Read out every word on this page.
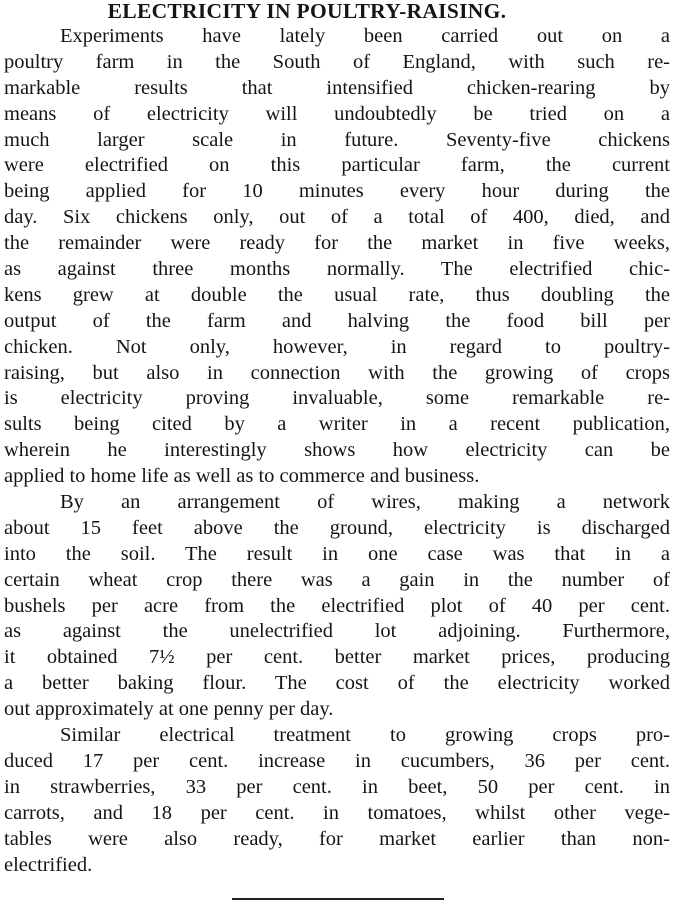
ELECTRICITY IN POULTRY-RAISING.
Experiments have lately been carried out on a
poultry farm in the South of England, with such re-
markable results that intensified chicken-rearing by
means of electricity will undoubtedly be tried on a
much larger scale in future. Seventy-five chickens
were electrified on this particular farm, the current
being applied for 10 minutes every hour during the
day. Six chickens only, out of a total of 400, died, and
the remainder were ready for the market in five weeks,
as against three months normally. The electrified chic-
kens grew at double the usual rate, thus doubling the
output of the farm and halving the food bill per
chicken. Not only, however, in regard to poultry-
raising, but also in connection with the growing of crops
is electricity proving invaluable, some remarkable re-
sults being cited by a writer in a recent publication,
wherein he interestingly shows how electricity can be
applied to home life as well as to commerce and business.
By an arrangement of wires, making a network
about 15 feet above the ground, electricity is discharged
into the soil. The result in one case was that in a
certain wheat crop there was a gain in the number of
bushels per acre from the electrified plot of 40 per cent.
as against the unelectrified lot adjoining. Furthermore,
it obtained 7½ per cent. better market prices, producing
a better baking flour. The cost of the electricity worked
out approximately at one penny per day.
Similar electrical treatment to growing crops pro-
duced 17 per cent. increase in cucumbers, 36 per cent.
in strawberries, 33 per cent. in beet, 50 per cent. in
carrots, and 18 per cent. in tomatoes, whilst other vege-
tables were also ready, for market earlier than non-
electrified.
